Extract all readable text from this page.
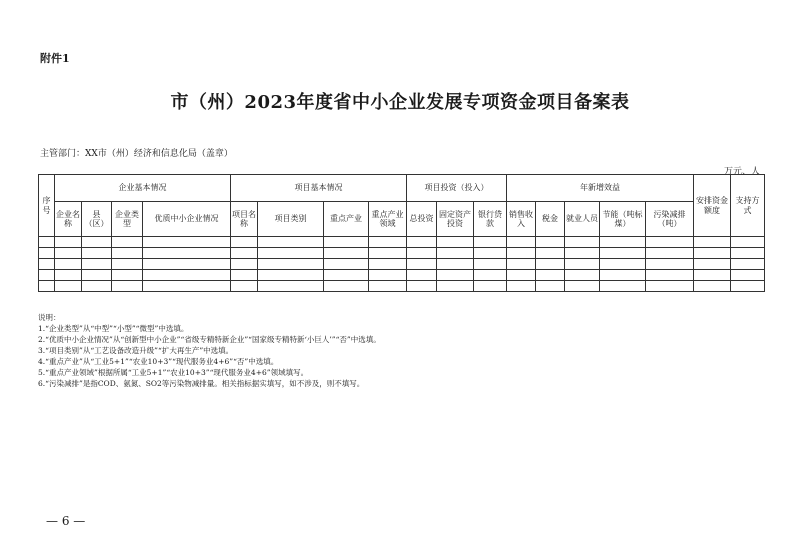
附件1
市（州）2023年度省中小企业发展专项资金项目备案表
主管部门：XX市（州）经济和信息化局（盖章）
万元、人
序号	企业基本情况				项目基本情况				项目投资（投入）			年新增效益					安排资金额度	支持方式
	企业名称	县（区）	企业类型	优质中小企业情况	项目名称	项目类别	重点产业	重点产业领域	总投资	固定资产投资	银行贷款	销售收入	税金	就业人员	节能（吨标煤）	污染减排（吨）		

说明：
1.“企业类型”从“中型”“小型”“微型”中选填。
2.“优质中小企业情况”从“创新型中小企业”“省级专精特新企业”“国家级专精特新‘小巨人’”“否”中选填。
3.“项目类别”从“工艺设备改造升级”“扩大再生产”中选填。
4.“重点产业”从“工业5+1”“农业10+3”“现代服务业4+6”“否”中选填。
5.“重点产业领域”根据所属“工业5+1”“农业10+3”“现代服务业4+6”领域填写。
6.“污染减排”是指COD、氨氮、SO2等污染物减排量。相关指标据实填写，如不涉及，则不填写。
— 6 —
